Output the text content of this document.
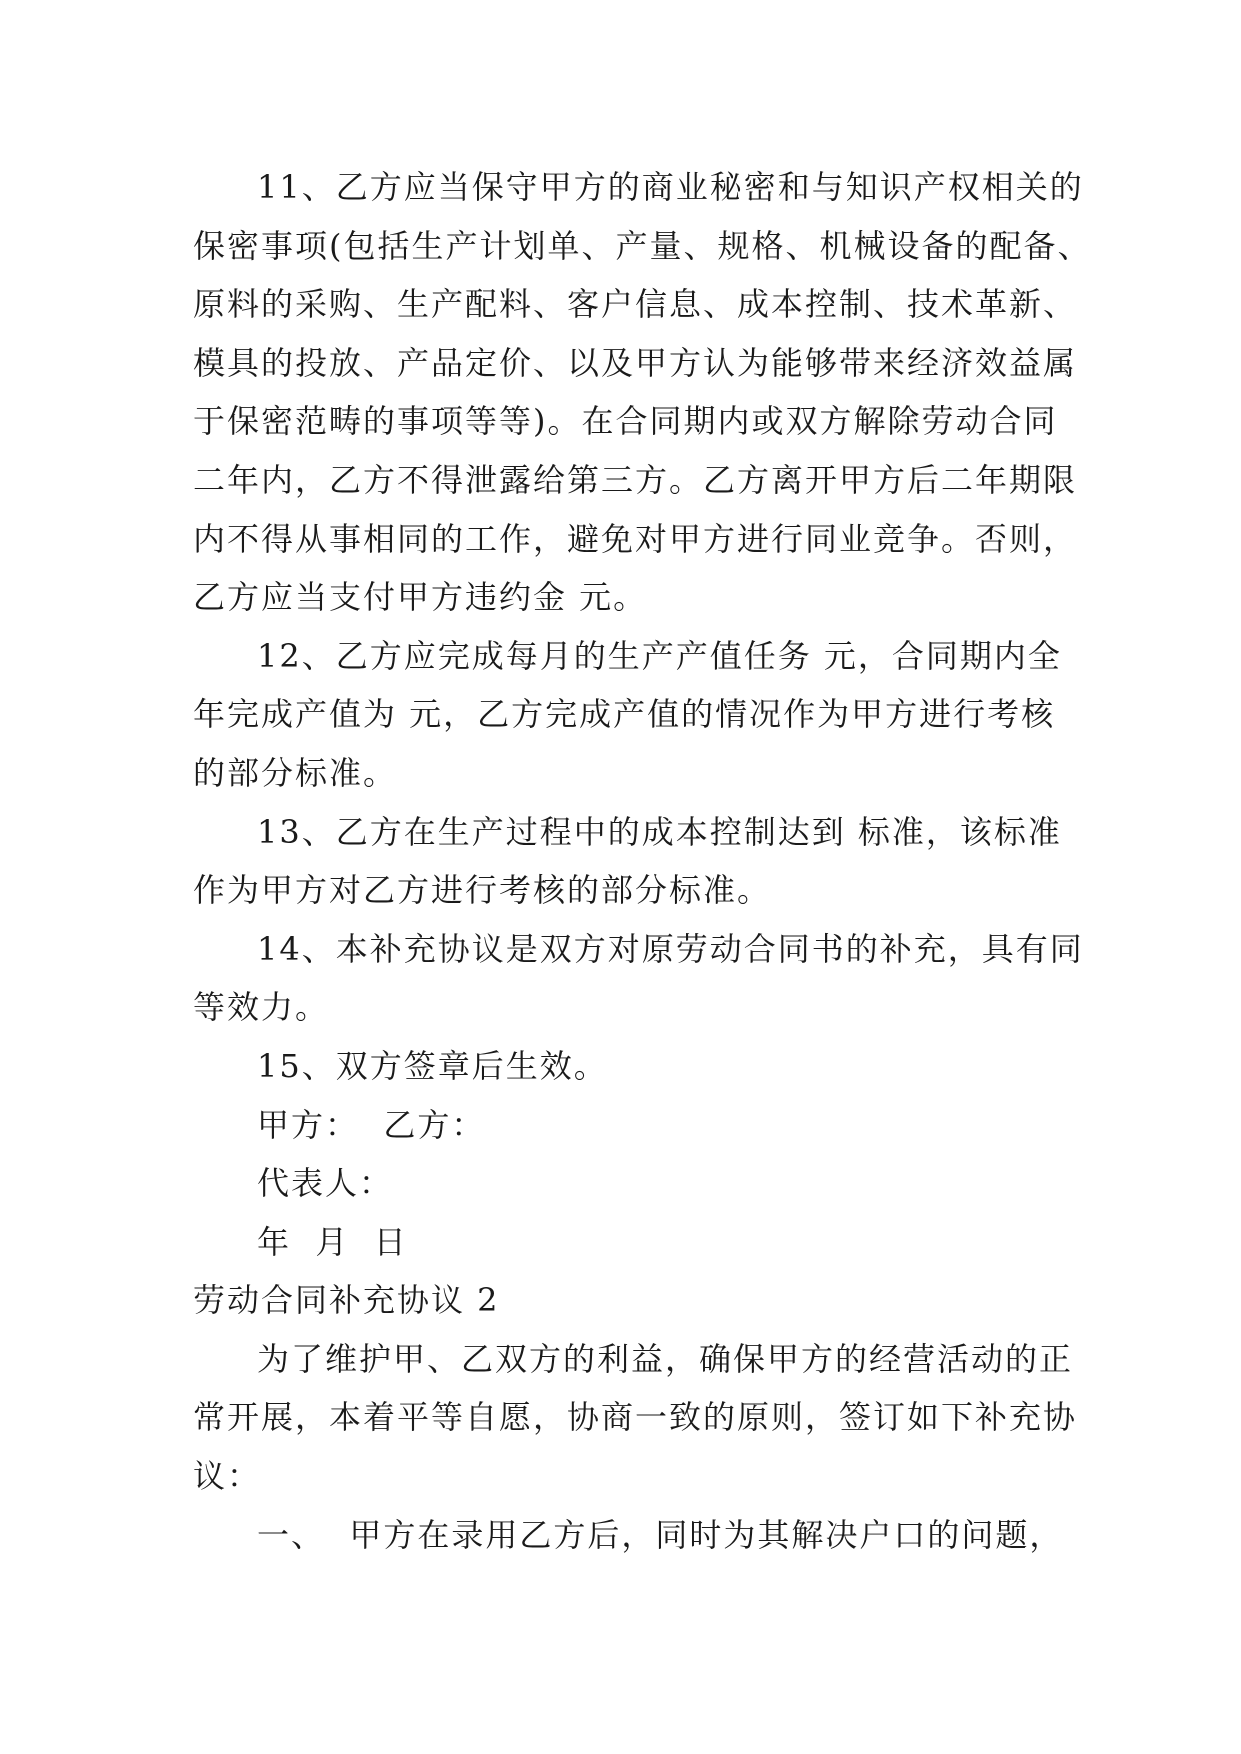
11、乙方应当保守甲方的商业秘密和与知识产权相关的
保密事项(包括生产计划单、产量、规格、机械设备的配备、
原料的采购、生产配料、客户信息、成本控制、技术革新、
模具的投放、产品定价、以及甲方认为能够带来经济效益属
于保密范畴的事项等等)。在合同期内或双方解除劳动合同
二年内，乙方不得泄露给第三方。乙方离开甲方后二年期限
内不得从事相同的工作，避免对甲方进行同业竞争。否则，
乙方应当支付甲方违约金 元。
12、乙方应完成每月的生产产值任务 元，合同期内全
年完成产值为 元，乙方完成产值的情况作为甲方进行考核
的部分标准。
13、乙方在生产过程中的成本控制达到 标准，该标准
作为甲方对乙方进行考核的部分标准。
14、本补充协议是双方对原劳动合同书的补充，具有同
等效力。
15、双方签章后生效。
甲方：  乙方：
代表人：
年  月  日
劳动合同补充协议 2
为了维护甲、乙双方的利益，确保甲方的经营活动的正
常开展，本着平等自愿，协商一致的原则，签订如下补充协
议：
一、  甲方在录用乙方后，同时为其解决户口的问题，
